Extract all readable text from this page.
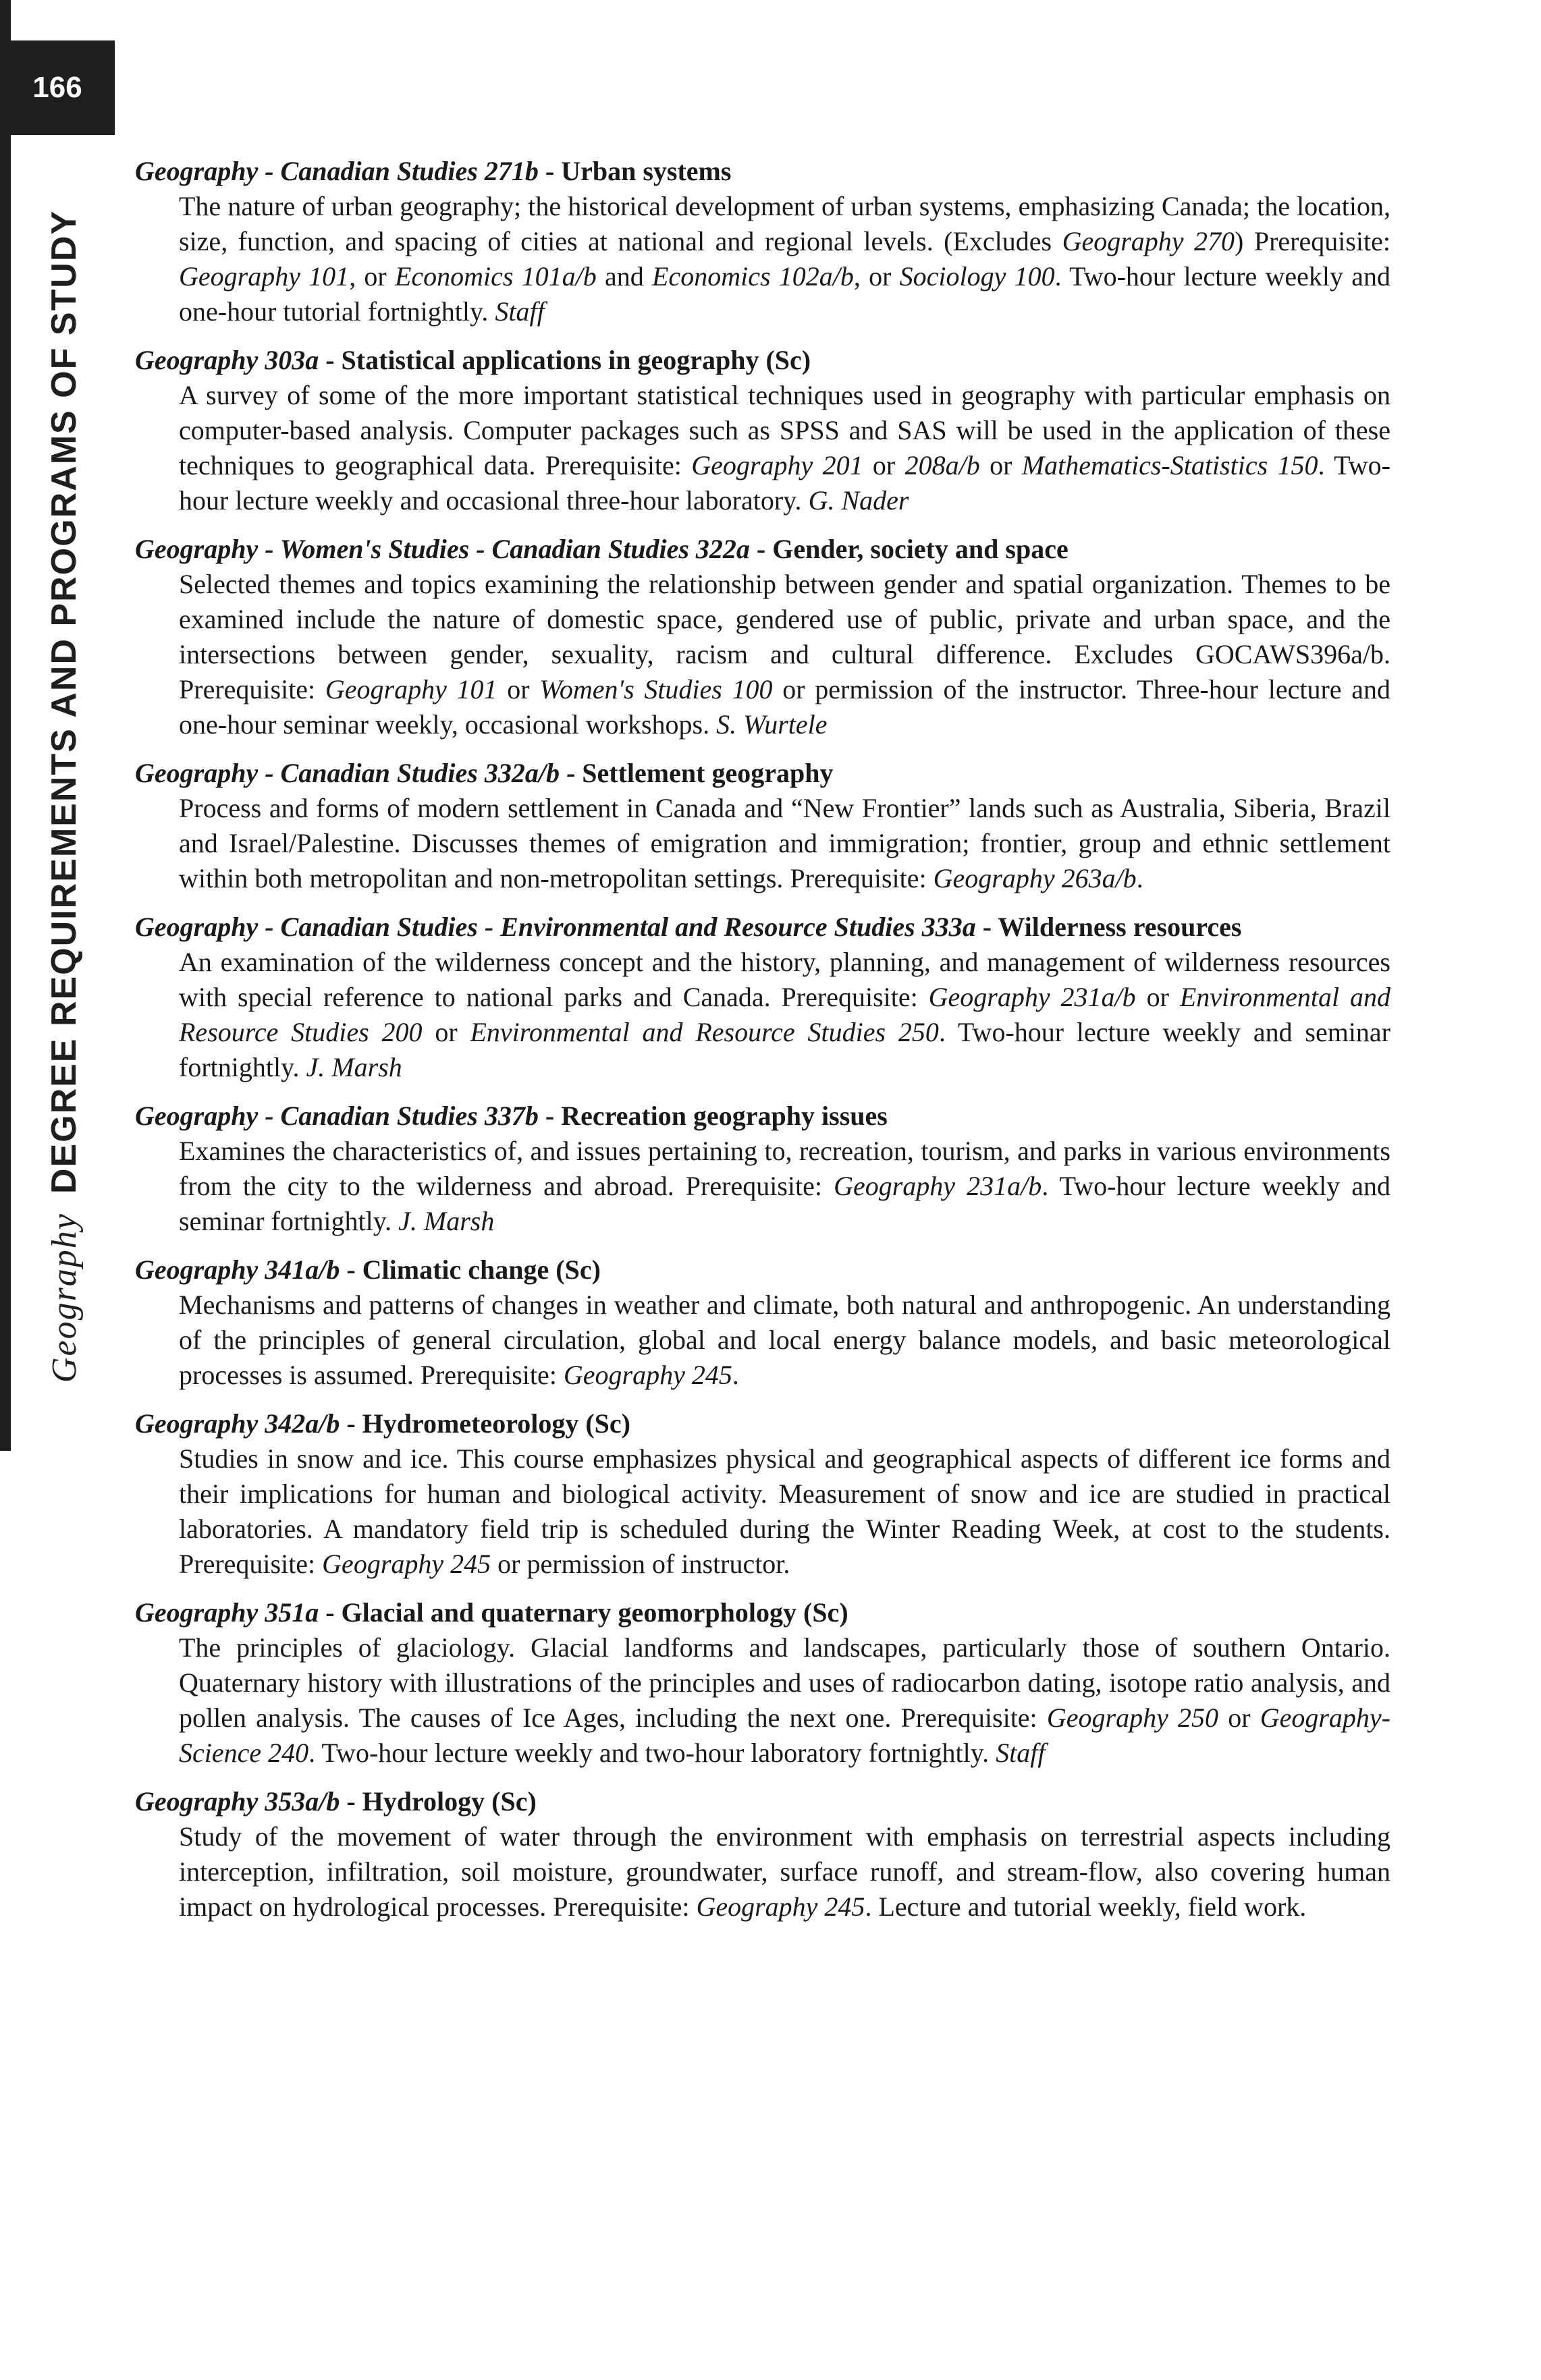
166
GeographyDEGREE REQUIREMENTS AND PROGRAMS OF STUDY
Geography - Canadian Studies 271b - Urban systems
The nature of urban geography; the historical development of urban systems, emphasizing Canada; the location, size, function, and spacing of cities at national and regional levels. (Excludes Geography 270) Prerequisite: Geography 101, or Economics 101a/b and Economics 102a/b, or Sociology 100. Two-hour lecture weekly and one-hour tutorial fortnightly. Staff
Geography 303a - Statistical applications in geography (Sc)
A survey of some of the more important statistical techniques used in geography with particular emphasis on computer-based analysis. Computer packages such as SPSS and SAS will be used in the application of these techniques to geographical data. Prerequisite: Geography 201 or 208a/b or Mathematics-Statistics 150. Two-hour lecture weekly and occasional three-hour laboratory. G. Nader
Geography - Women's Studies - Canadian Studies 322a - Gender, society and space
Selected themes and topics examining the relationship between gender and spatial organization. Themes to be examined include the nature of domestic space, gendered use of public, private and urban space, and the intersections between gender, sexuality, racism and cultural difference. Excludes GOCAWS396a/b. Prerequisite: Geography 101 or Women's Studies 100 or permission of the instructor. Three-hour lecture and one-hour seminar weekly, occasional workshops. S. Wurtele
Geography - Canadian Studies 332a/b - Settlement geography
Process and forms of modern settlement in Canada and “New Frontier” lands such as Australia, Siberia, Brazil and Israel/Palestine. Discusses themes of emigration and immigration; frontier, group and ethnic settlement within both metropolitan and non-metropolitan settings. Prerequisite: Geography 263a/b.
Geography - Canadian Studies - Environmental and Resource Studies 333a - Wilderness resources
An examination of the wilderness concept and the history, planning, and management of wilderness resources with special reference to national parks and Canada. Prerequisite: Geography 231a/b or Environmental and Resource Studies 200 or Environmental and Resource Studies 250. Two-hour lecture weekly and seminar fortnightly. J. Marsh
Geography - Canadian Studies 337b - Recreation geography issues
Examines the characteristics of, and issues pertaining to, recreation, tourism, and parks in various environments from the city to the wilderness and abroad. Prerequisite: Geography 231a/b. Two-hour lecture weekly and seminar fortnightly. J. Marsh
Geography 341a/b - Climatic change (Sc)
Mechanisms and patterns of changes in weather and climate, both natural and anthropogenic. An understanding of the principles of general circulation, global and local energy balance models, and basic meteorological processes is assumed. Prerequisite: Geography 245.
Geography 342a/b - Hydrometeorology (Sc)
Studies in snow and ice. This course emphasizes physical and geographical aspects of different ice forms and their implications for human and biological activity. Measurement of snow and ice are studied in practical laboratories. A mandatory field trip is scheduled during the Winter Reading Week, at cost to the students. Prerequisite: Geography 245 or permission of instructor.
Geography 351a - Glacial and quaternary geomorphology (Sc)
The principles of glaciology. Glacial landforms and landscapes, particularly those of southern Ontario. Quaternary history with illustrations of the principles and uses of radiocarbon dating, isotope ratio analysis, and pollen analysis. The causes of Ice Ages, including the next one. Prerequisite: Geography 250 or Geography-Science 240. Two-hour lecture weekly and two-hour laboratory fortnightly. Staff
Geography 353a/b - Hydrology (Sc)
Study of the movement of water through the environment with emphasis on terrestrial aspects including interception, infiltration, soil moisture, groundwater, surface runoff, and stream-flow, also covering human impact on hydrological processes. Prerequisite: Geography 245. Lecture and tutorial weekly, field work.
